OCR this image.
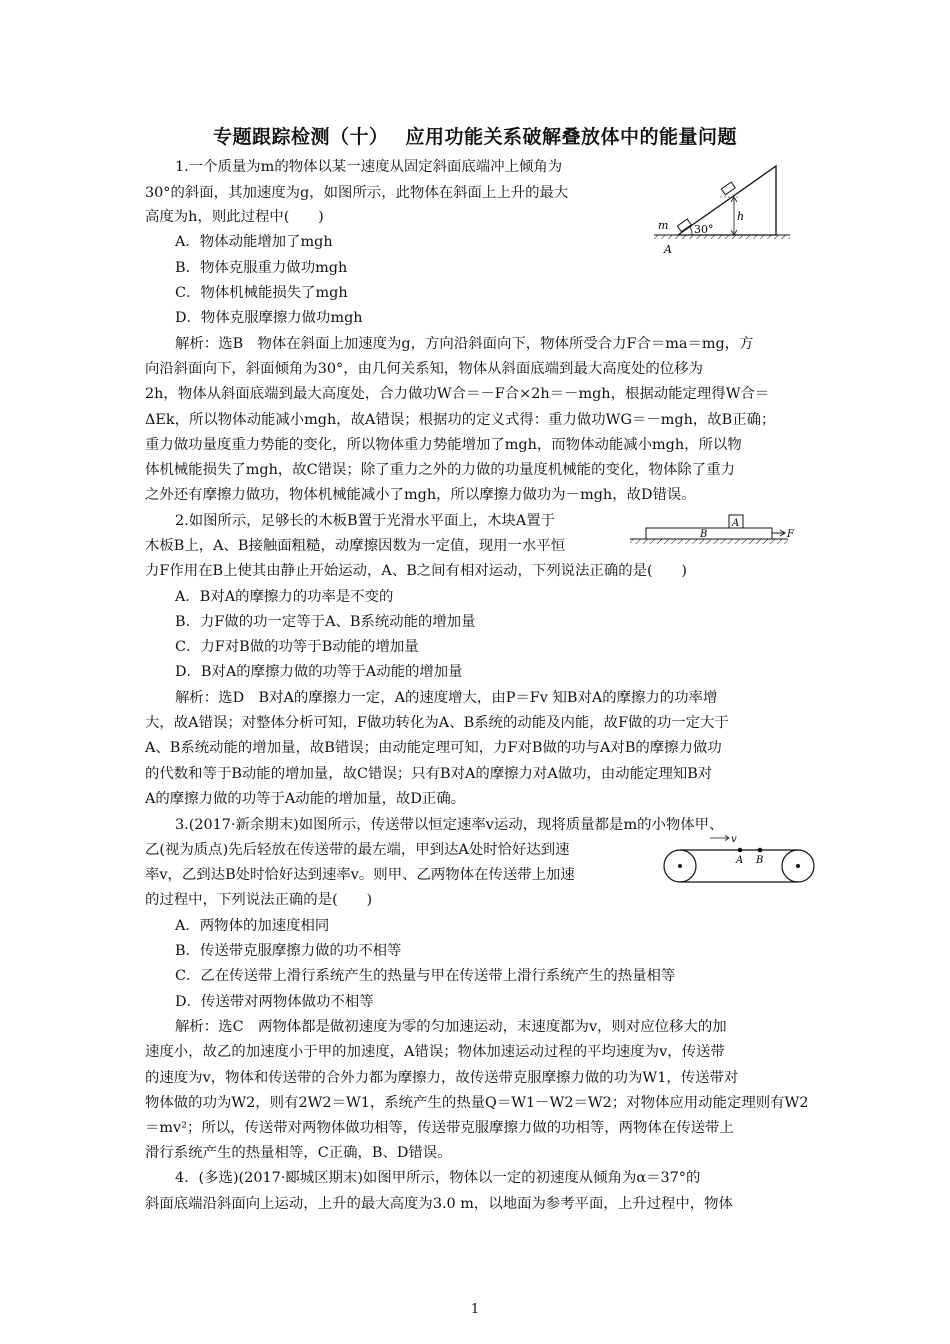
专题跟踪检测（十）　 应用功能关系破解叠放体中的能量问题
1.一个质量为m的物体以某一速度从固定斜面底端冲上倾角为
30°的斜面，其加速度为g，如图所示，此物体在斜面上上升的最大
高度为h，则此过程中(　　)
A．物体动能增加了mgh
B．物体克服重力做功mgh
C．物体机械能损失了mgh
D．物体克服摩擦力做功mgh
解析：选B　物体在斜面上加速度为g，方向沿斜面向下，物体所受合力F合＝ma＝mg，方
向沿斜面向下，斜面倾角为30°，由几何关系知，物体从斜面底端到最大高度处的位移为
2h，物体从斜面底端到最大高度处，合力做功W合＝－F合×2h＝－mgh，根据动能定理得W合＝
ΔEk，所以物体动能减小mgh，故A错误；根据功的定义式得：重力做功WG＝－mgh，故B正确；
重力做功量度重力势能的变化，所以物体重力势能增加了mgh，而物体动能减小mgh，所以物
体机械能损失了mgh，故C错误；除了重力之外的力做的功量度机械能的变化，物体除了重力
之外还有摩擦力做功，物体机械能减小了mgh，所以摩擦力做功为－mgh，故D错误。
2.如图所示，足够长的木板B置于光滑水平面上，木块A置于
木板B上，A、B接触面粗糙，动摩擦因数为一定值，现用一水平恒
力F作用在B上使其由静止开始运动，A、B之间有相对运动，下列说法正确的是(　　)
A．B对A的摩擦力的功率是不变的
B．力F做的功一定等于A、B系统动能的增加量
C．力F对B做的功等于B动能的增加量
D．B对A的摩擦力做的功等于A动能的增加量
解析：选D　B对A的摩擦力一定，A的速度增大，由P＝Fv 知B对A的摩擦力的功率增
大，故A错误；对整体分析可知，F做功转化为A、B系统的动能及内能，故F做的功一定大于
A、B系统动能的增加量，故B错误；由动能定理可知，力F对B做的功与A对B的摩擦力做功
的代数和等于B动能的增加量，故C错误；只有B对A的摩擦力对A做功，由动能定理知B对
A的摩擦力做的功等于A动能的增加量，故D正确。
3.(2017·新余期末)如图所示，传送带以恒定速率v运动，现将质量都是m的小物体甲、
乙(视为质点)先后轻放在传送带的最左端，甲到达A处时恰好达到速
率v，乙到达B处时恰好达到速率v。则甲、乙两物体在传送带上加速
的过程中，下列说法正确的是(　　)
A．两物体的加速度相同
B．传送带克服摩擦力做的功不相等
C．乙在传送带上滑行系统产生的热量与甲在传送带上滑行系统产生的热量相等
D．传送带对两物体做功不相等
解析：选C　两物体都是做初速度为零的匀加速运动，末速度都为v，则对应位移大的加
速度小，故乙的加速度小于甲的加速度，A错误；物体加速运动过程的平均速度为v，传送带
的速度为v，物体和传送带的合外力都为摩擦力，故传送带克服摩擦力做的功为W1，传送带对
物体做的功为W2，则有2W2＝W1，系统产生的热量Q＝W1－W2＝W2；对物体应用动能定理则有W2
＝mv²；所以，传送带对两物体做功相等，传送带克服摩擦力做的功相等，两物体在传送带上
滑行系统产生的热量相等，C正确，B、D错误。
4．(多选)(2017·郾城区期末)如图甲所示，物体以一定的初速度从倾角为α＝37°的
斜面底端沿斜面向上运动，上升的最大高度为3.0 m，以地面为参考平面，上升过程中，物体
h
m 30°
A
A
B	F
v
A B
1
